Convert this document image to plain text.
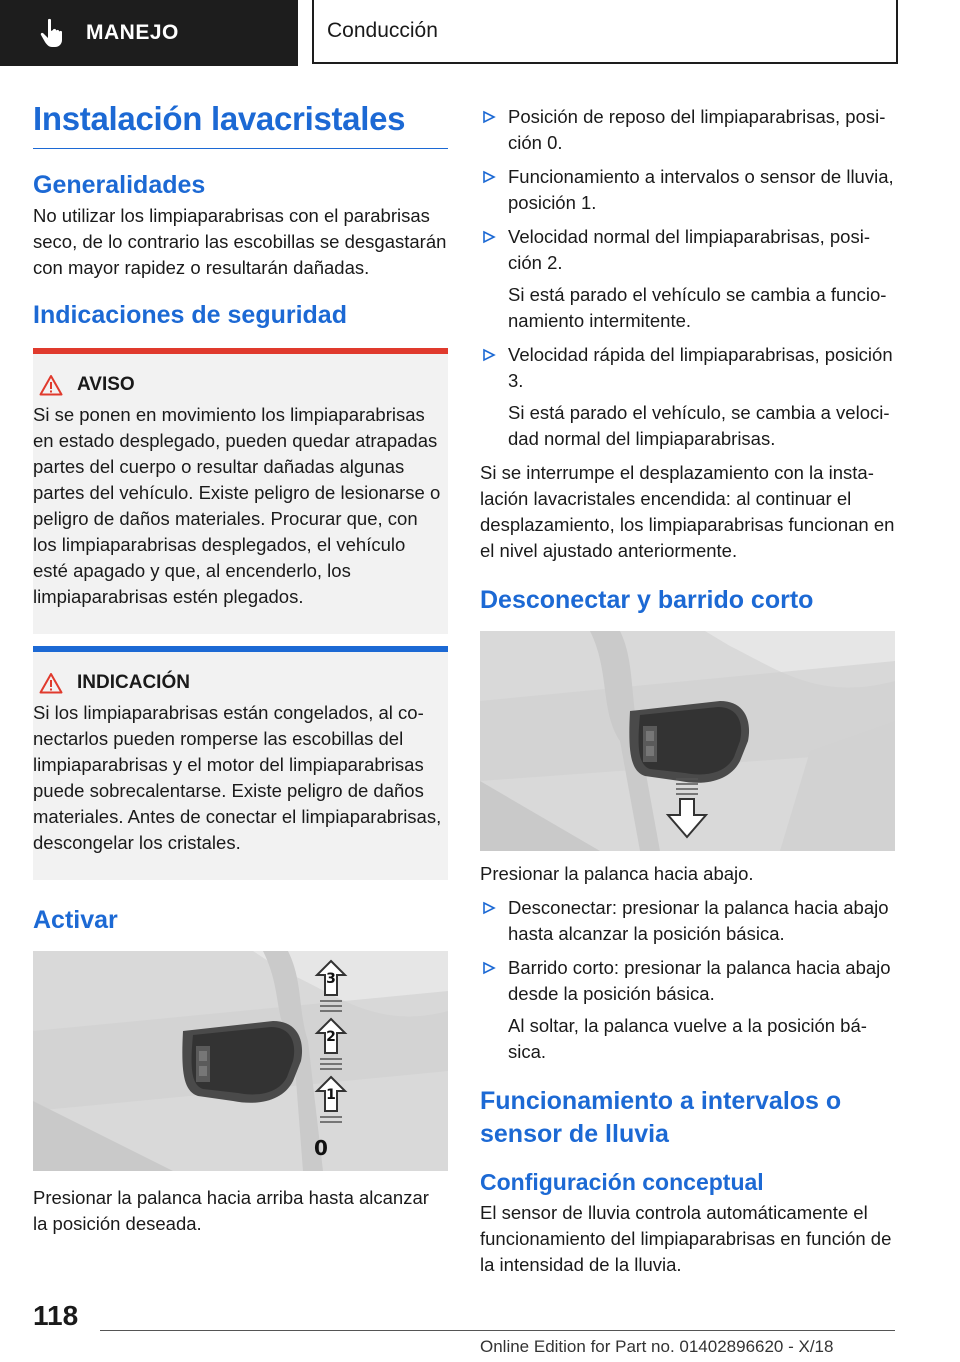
MANEJO	Conducción
Instalación lavacristales
Generalidades

No utilizar los limpiaparabrisas con el parabrisas seco, de lo contrario las escobillas se desgastarán con mayor rapidez o resultarán dañadas.

Indicaciones de seguridad
AVISO

Si se ponen en movimiento los limpiaparabrisas en estado desplegado, pueden quedar atrapadas partes del cuerpo o resultar dañadas algunas partes del vehículo. Existe peligro de lesionarse o peligro de daños materiales. Procurar que, con los limpiaparabrisas desplegados, el vehículo esté apagado y que, al encenderlo, los limpiaparabrisas estén plegados.

INDICACIÓN

Si los limpiaparabrisas están congelados, al conectarlos pueden romperse las escobillas del limpiaparabrisas y el motor del limpiaparabrisas puede sobrecalentarse. Existe peligro de daños materiales. Antes de conectar el limpiaparabrisas, descongelar los cristales.

Activar
3
2
1
0

Presionar la palanca hacia arriba hasta alcanzar la posición deseada.

Posición de reposo del limpiaparabrisas, posición 0.
Funcionamiento a intervalos o sensor de lluvia, posición 1.
Velocidad normal del limpiaparabrisas, posición 2.
Si está parado el vehículo se cambia a funcionamiento intermitente.
Velocidad rápida del limpiaparabrisas, posición 3.
Si está parado el vehículo, se cambia a velocidad normal del limpiaparabrisas.

Si se interrumpe el desplazamiento con la instalación lavacristales encendida: al continuar el desplazamiento, los limpiaparabrisas funcionan en el nivel ajustado anteriormente.

Desconectar y barrido corto

Presionar la palanca hacia abajo.

Desconectar: presionar la palanca hacia abajo hasta alcanzar la posición básica.
Barrido corto: presionar la palanca hacia abajo desde la posición básica.
Al soltar, la palanca vuelve a la posición básica.
Funcionamiento a intervalos o sensor de lluvia
Configuración conceptual

El sensor de lluvia controla automáticamente el funcionamiento del limpiaparabrisas en función de la intensidad de la lluvia.

118
Online Edition for Part no. 01402896620 - X/18
